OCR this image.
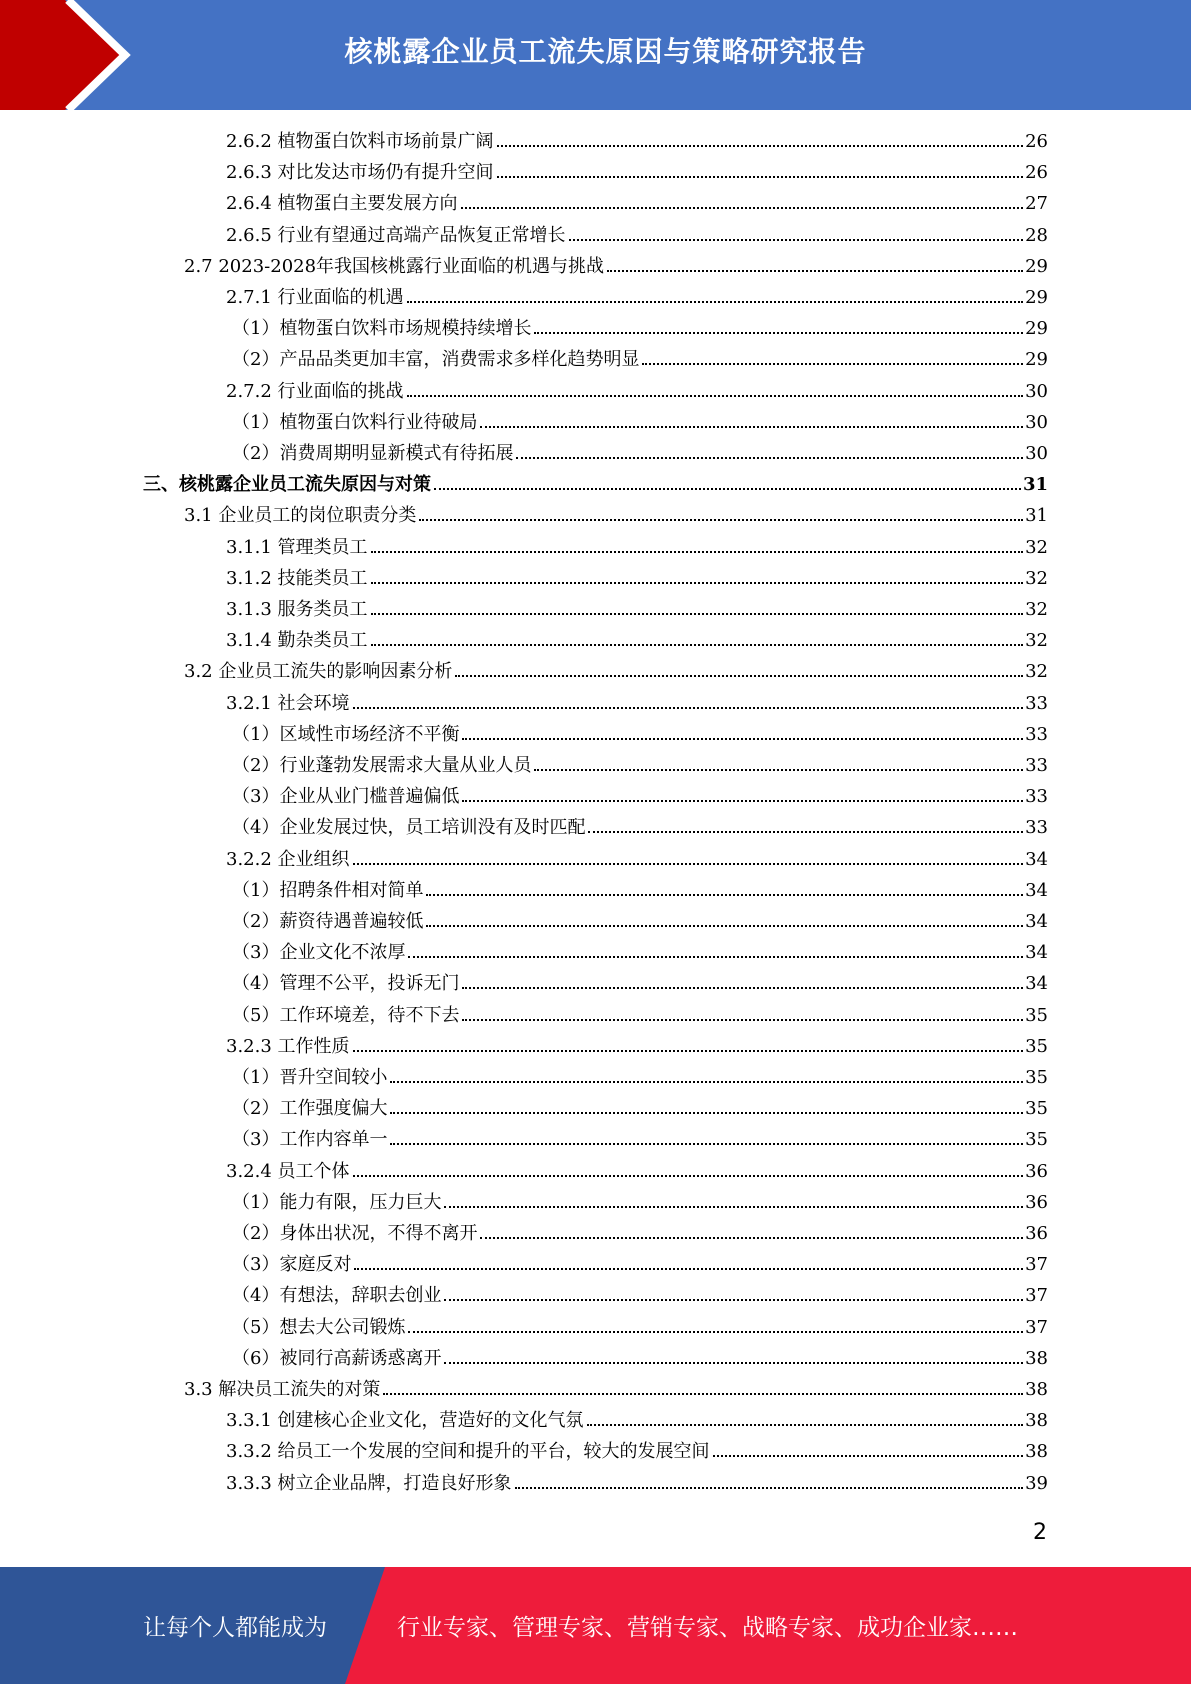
核桃露企业员工流失原因与策略研究报告
2.6.2 植物蛋白饮料市场前景广阔	26
2.6.3 对比发达市场仍有提升空间	26
2.6.4 植物蛋白主要发展方向	27
2.6.5 行业有望通过高端产品恢复正常增长	28
2.7 2023-2028年我国核桃露行业面临的机遇与挑战	29
2.7.1 行业面临的机遇	29
（1）植物蛋白饮料市场规模持续增长	29
（2）产品品类更加丰富，消费需求多样化趋势明显	29
2.7.2 行业面临的挑战	30
（1）植物蛋白饮料行业待破局	30
（2）消费周期明显新模式有待拓展	30
三、核桃露企业员工流失原因与对策	31
3.1 企业员工的岗位职责分类	31
3.1.1 管理类员工	32
3.1.2 技能类员工	32
3.1.3 服务类员工	32
3.1.4 勤杂类员工	32
3.2 企业员工流失的影响因素分析	32
3.2.1 社会环境	33
（1）区域性市场经济不平衡	33
（2）行业蓬勃发展需求大量从业人员	33
（3）企业从业门槛普遍偏低	33
（4）企业发展过快，员工培训没有及时匹配	33
3.2.2 企业组织	34
（1）招聘条件相对简单	34
（2）薪资待遇普遍较低	34
（3）企业文化不浓厚	34
（4）管理不公平，投诉无门	34
（5）工作环境差，待不下去	35
3.2.3 工作性质	35
（1）晋升空间较小	35
（2）工作强度偏大	35
（3）工作内容单一	35
3.2.4 员工个体	36
（1）能力有限，压力巨大	36
（2）身体出状况，不得不离开	36
（3）家庭反对	37
（4）有想法，辞职去创业	37
（5）想去大公司锻炼	37
（6）被同行高薪诱惑离开	38
3.3 解决员工流失的对策	38
3.3.1 创建核心企业文化，营造好的文化气氛	38
3.3.2 给员工一个发展的空间和提升的平台，较大的发展空间	38
3.3.3 树立企业品牌，打造良好形象	39
2
让每个人都能成为	行业专家、管理专家、营销专家、战略专家、成功企业家……
